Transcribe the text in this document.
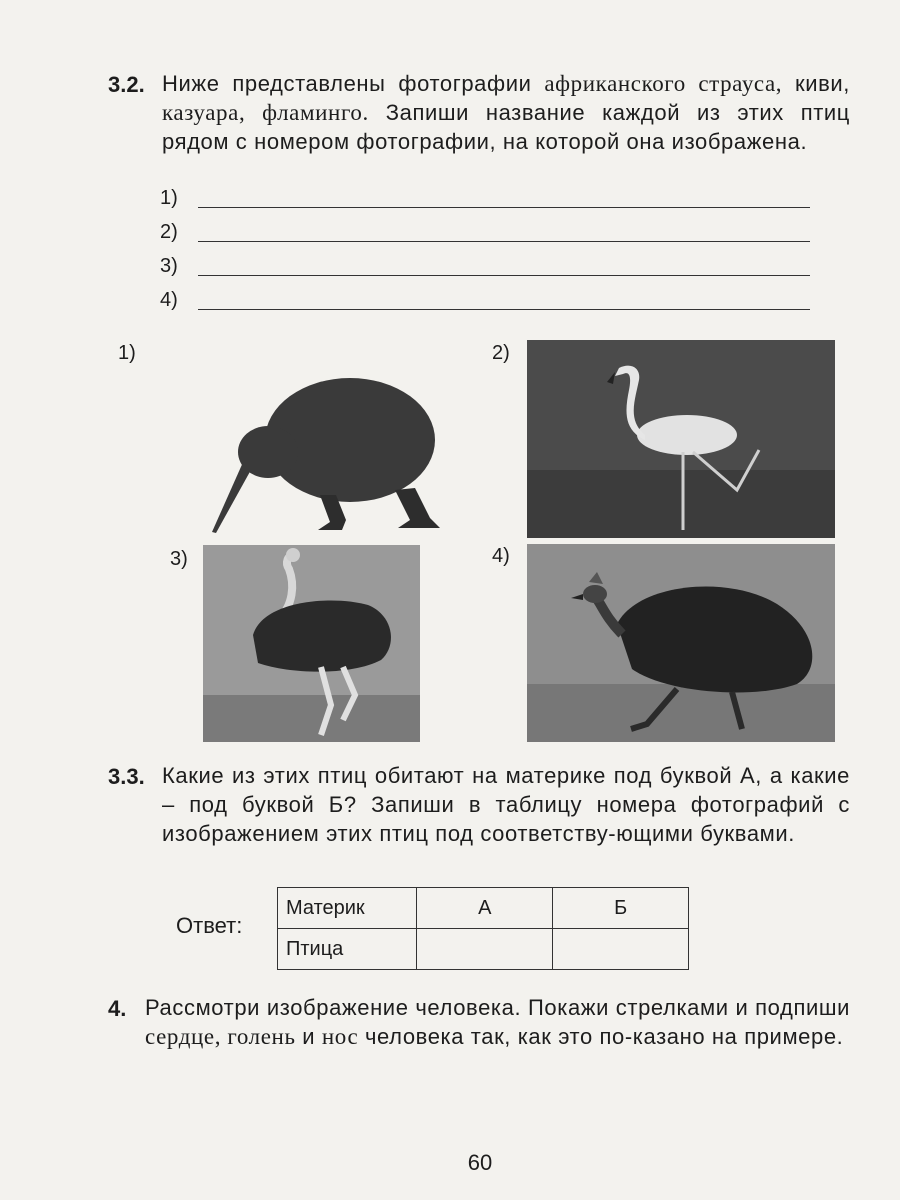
3.2. Ниже представлены фотографии африканского страуса, киви, казуара, фламинго. Запиши название каждой из этих птиц рядом с номером фотографии, на которой она изображена.
1)
2)
3)
4)
1)	2)
3)	4)
3.3. Какие из этих птиц обитают на материке под буквой А, а какие – под буквой Б? Запиши в таблицу номера фотографий с изображением этих птиц под соответству-ющими буквами.
Ответ:
Материк	А	Б
Птица		
4. Рассмотри изображение человека. Покажи стрелками и подпиши сердце, голень и нос человека так, как это по-казано на примере.
60
